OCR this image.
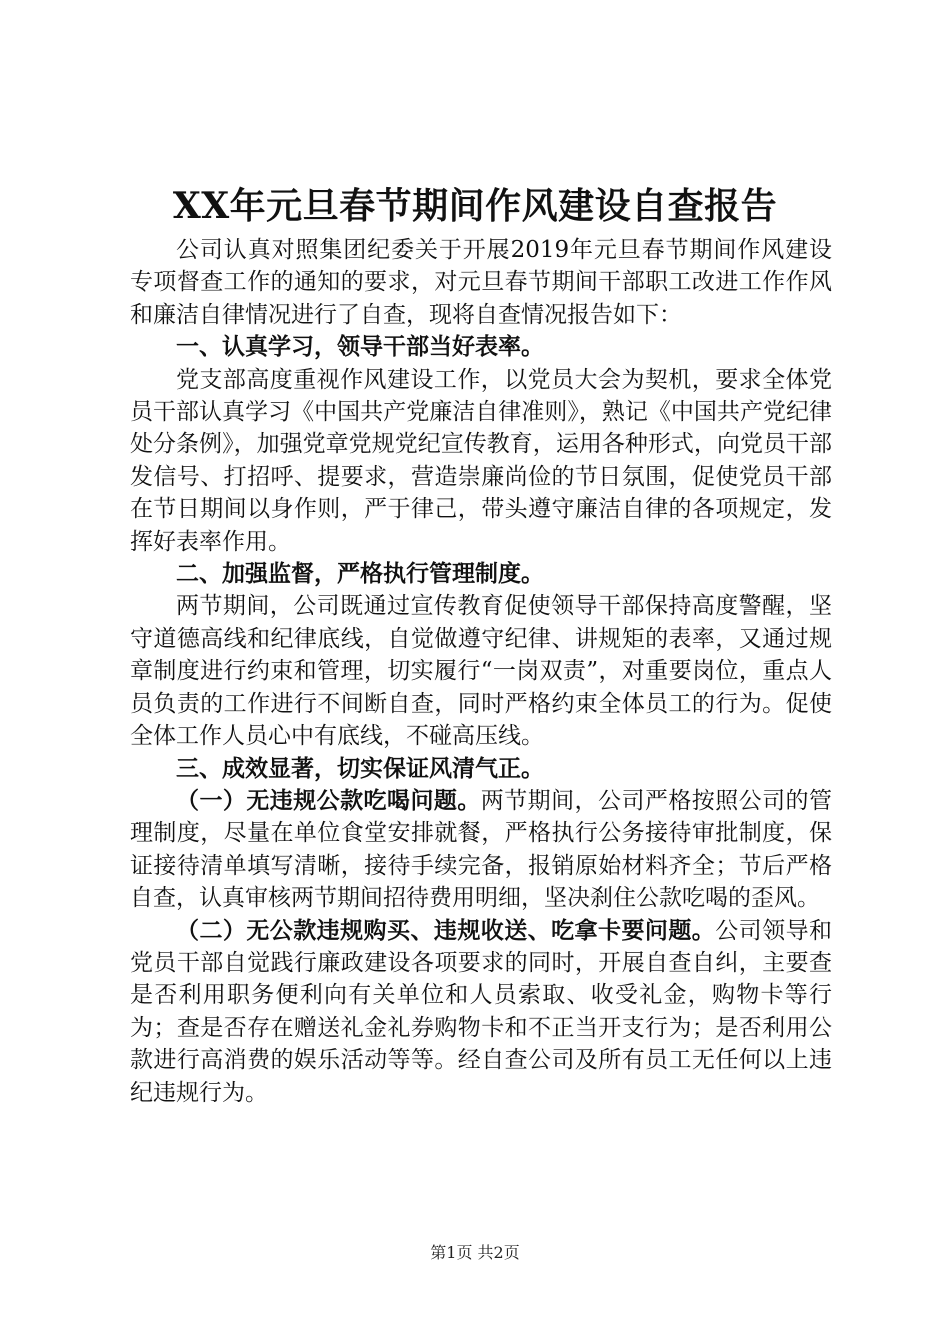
XX年元旦春节期间作风建设自查报告

公司认真对照集团纪委关于开展2019年元旦春节期间作风建设专项督查工作的通知的要求，对元旦春节期间干部职工改进工作作风和廉洁自律情况进行了自查，现将自查情况报告如下：

一、认真学习，领导干部当好表率。

党支部高度重视作风建设工作，以党员大会为契机，要求全体党员干部认真学习《中国共产党廉洁自律准则》，熟记《中国共产党纪律处分条例》，加强党章党规党纪宣传教育，运用各种形式，向党员干部发信号、打招呼、提要求，营造崇廉尚俭的节日氛围，促使党员干部在节日期间以身作则，严于律己，带头遵守廉洁自律的各项规定，发挥好表率作用。

二、加强监督，严格执行管理制度。

两节期间，公司既通过宣传教育促使领导干部保持高度警醒，坚守道德高线和纪律底线，自觉做遵守纪律、讲规矩的表率，又通过规章制度进行约束和管理，切实履行“一岗双责”，对重要岗位，重点人员负责的工作进行不间断自查，同时严格约束全体员工的行为。促使全体工作人员心中有底线，不碰高压线。

三、成效显著，切实保证风清气正。

（一）无违规公款吃喝问题。两节期间，公司严格按照公司的管理制度，尽量在单位食堂安排就餐，严格执行公务接待审批制度，保证接待清单填写清晰，接待手续完备，报销原始材料齐全；节后严格自查，认真审核两节期间招待费用明细，坚决刹住公款吃喝的歪风。

（二）无公款违规购买、违规收送、吃拿卡要问题。公司领导和党员干部自觉践行廉政建设各项要求的同时，开展自查自纠，主要查是否利用职务便利向有关单位和人员索取、收受礼金，购物卡等行为；查是否存在赠送礼金礼券购物卡和不正当开支行为；是否利用公款进行高消费的娱乐活动等等。经自查公司及所有员工无任何以上违纪违规行为。

第1页 共2页
